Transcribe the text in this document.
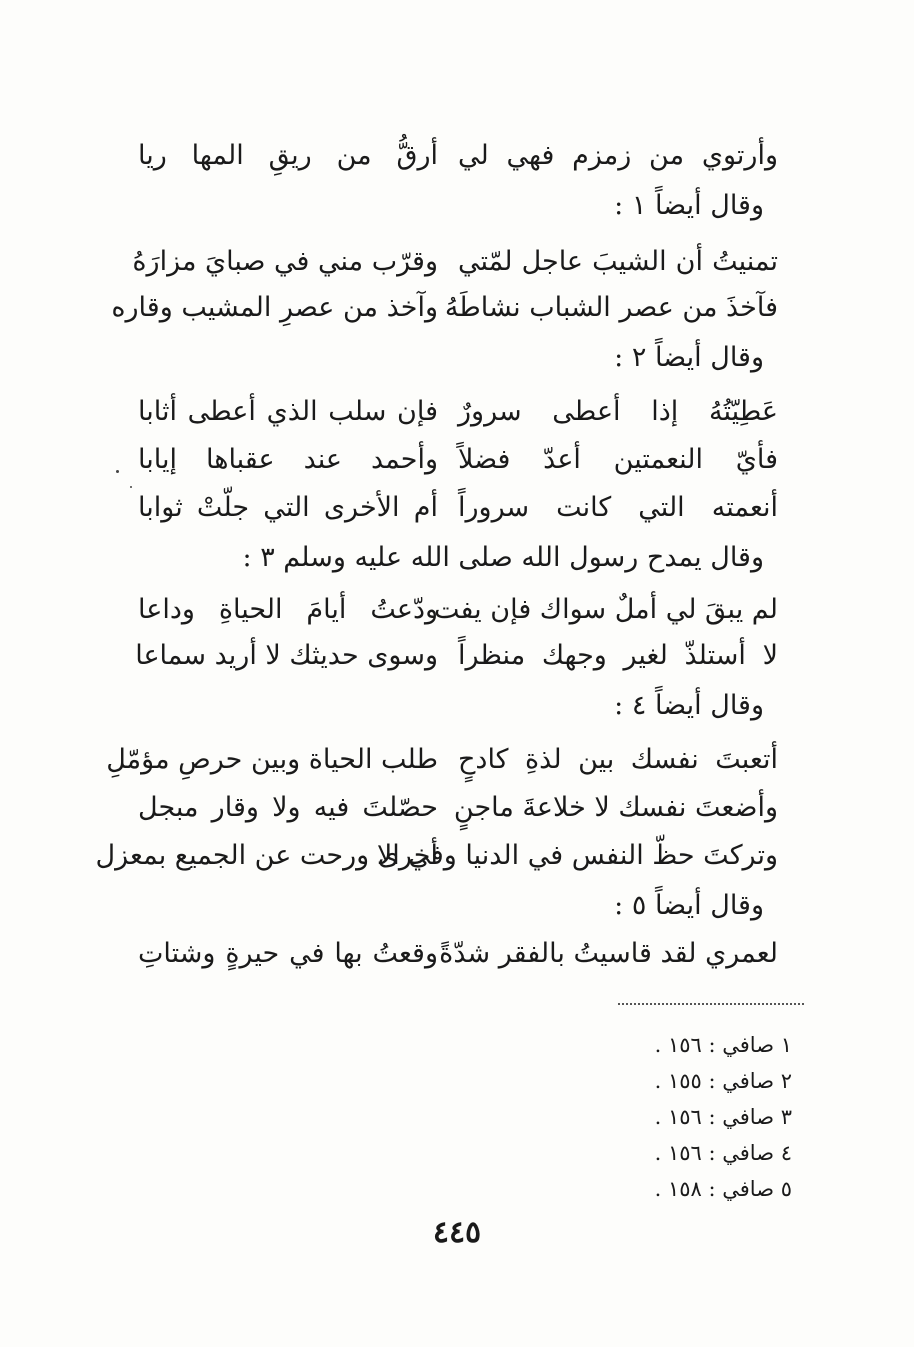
وأرتوي من زمزم فهي لي
أرقُّ من ريقِ المها ريا
وقال أيضاً ١ :
تمنيتُ أن الشيبَ عاجل لمّتي
وقرّب مني في صبايَ مزارَهُ
فآخذَ من عصر الشباب نشاطَهُ
وآخذ من عصرِ المشيب وقاره
وقال أيضاً ٢ :
عَطِيّتُهُ إذا أعطى سرورٌ
فإن سلب الذي أعطى أثابا
فأيّ النعمتين أعدّ فضلاً
وأحمد عند عقباها إيابا
أنعمته التي كانت سروراً
أم الأخرى التي جلّتْ ثوابا
وقال يمدح رسول الله صلى الله عليه وسلم ٣ :
لم يبقَ لي أملٌ سواك فإن يفت
ودّعتُ أيامَ الحياةِ وداعا
لا أستلذّ لغير وجهك منظراً
وسوى حديثك لا أريد سماعا
وقال أيضاً ٤ :
أتعبتَ نفسك بين لذةِ كادحٍ
طلب الحياة وبين حرصِ مؤمّلِ
وأضعتَ نفسك لا خلاعةَ ماجنٍ
حصّلتَ فيه ولا وقار مبجل
وتركتَ حظّ النفس في الدنيا وفي الا
أخرى ورحت عن الجميع بمعزل
وقال أيضاً ٥ :
لعمري لقد قاسيتُ بالفقر شدّةً
وقعتُ بها في حيرةٍ وشتاتِ
١ صافي : ١٥٦ .
٢ صافي : ١٥٥ .
٣ صافي : ١٥٦ .
٤ صافي : ١٥٦ .
٥ صافي : ١٥٨ .
٤٤٥
